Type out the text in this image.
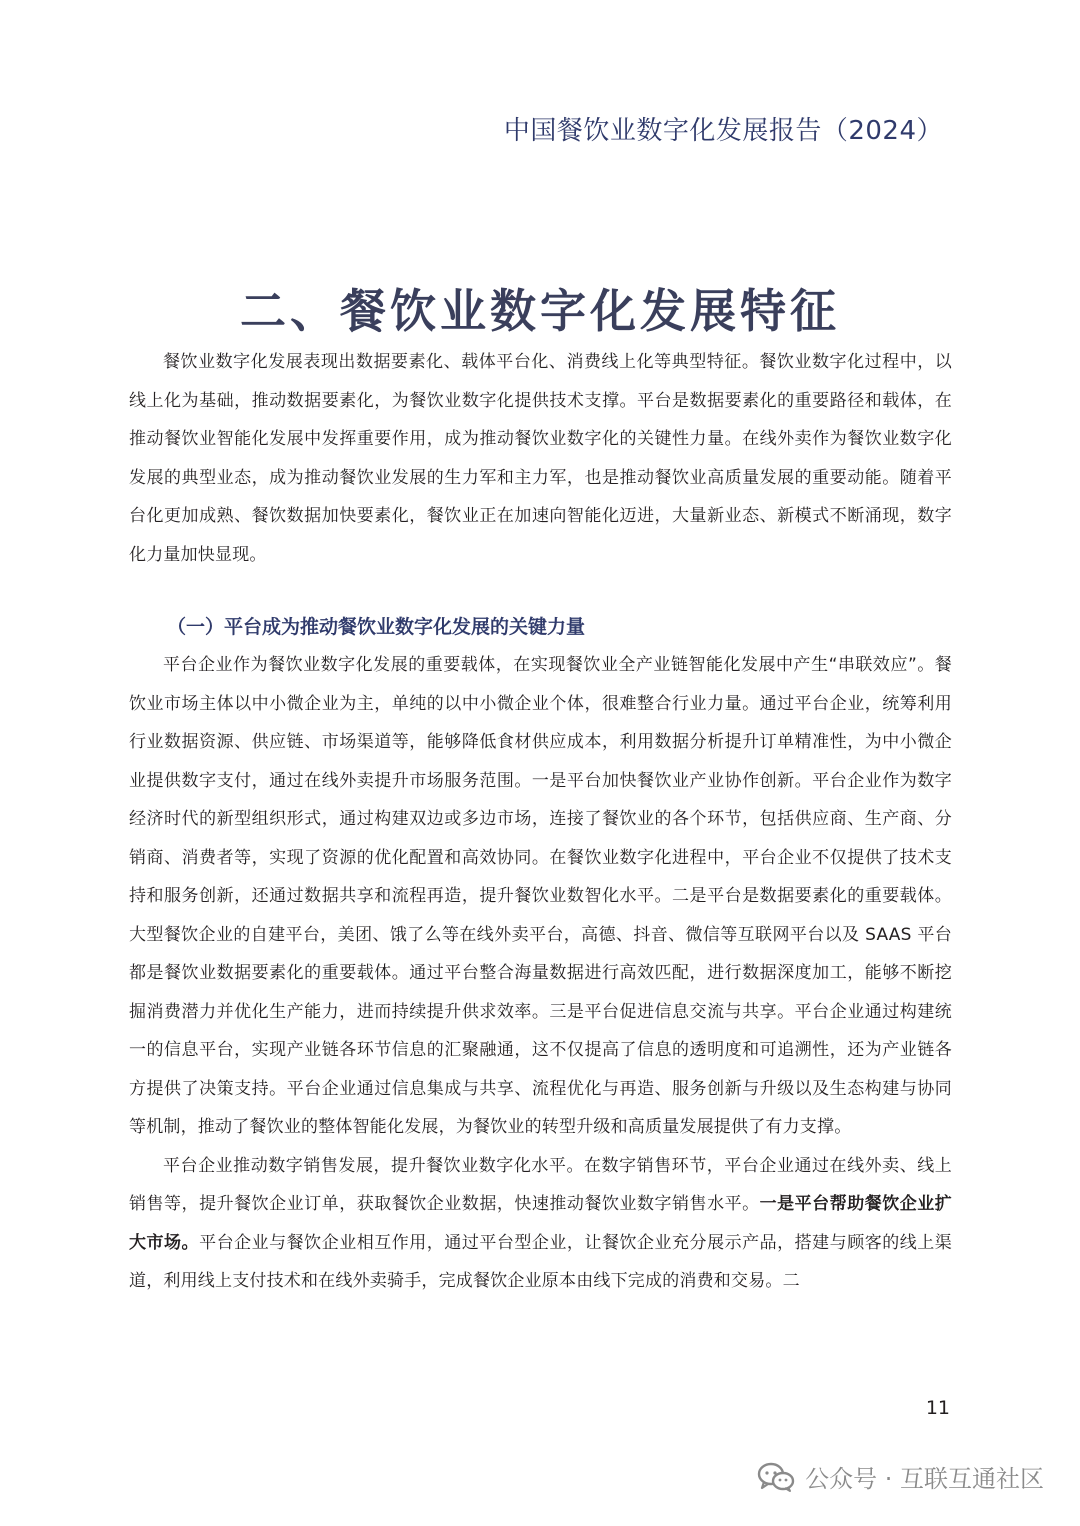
中国餐饮业数字化发展报告（2024）
二、餐饮业数字化发展特征

餐饮业数字化发展表现出数据要素化、载体平台化、消费线上化等典型特征。餐饮业数字化过程中，以线上化为基础，推动数据要素化，为餐饮业数字化提供技术支撑。平台是数据要素化的重要路径和载体，在推动餐饮业智能化发展中发挥重要作用，成为推动餐饮业数字化的关键性力量。在线外卖作为餐饮业数字化发展的典型业态，成为推动餐饮业发展的生力军和主力军，也是推动餐饮业高质量发展的重要动能。随着平台化更加成熟、餐饮数据加快要素化，餐饮业正在加速向智能化迈进，大量新业态、新模式不断涌现，数字化力量加快显现。

（一）平台成为推动餐饮业数字化发展的关键力量

平台企业作为餐饮业数字化发展的重要载体，在实现餐饮业全产业链智能化发展中产生“串联效应”。餐饮业市场主体以中小微企业为主，单纯的以中小微企业个体，很难整合行业力量。通过平台企业，统筹利用行业数据资源、供应链、市场渠道等，能够降低食材供应成本，利用数据分析提升订单精准性，为中小微企业提供数字支付，通过在线外卖提升市场服务范围。一是平台加快餐饮业产业协作创新。平台企业作为数字经济时代的新型组织形式，通过构建双边或多边市场，连接了餐饮业的各个环节，包括供应商、生产商、分销商、消费者等，实现了资源的优化配置和高效协同。在餐饮业数字化进程中，平台企业不仅提供了技术支持和服务创新，还通过数据共享和流程再造，提升餐饮业数智化水平。二是平台是数据要素化的重要载体。大型餐饮企业的自建平台，美团、饿了么等在线外卖平台，高德、抖音、微信等互联网平台以及 SAAS 平台都是餐饮业数据要素化的重要载体。通过平台整合海量数据进行高效匹配，进行数据深度加工，能够不断挖掘消费潜力并优化生产能力，进而持续提升供求效率。三是平台促进信息交流与共享。平台企业通过构建统一的信息平台，实现产业链各环节信息的汇聚融通，这不仅提高了信息的透明度和可追溯性，还为产业链各方提供了决策支持。平台企业通过信息集成与共享、流程优化与再造、服务创新与升级以及生态构建与协同等机制，推动了餐饮业的整体智能化发展，为餐饮业的转型升级和高质量发展提供了有力支撑。

平台企业推动数字销售发展，提升餐饮业数字化水平。在数字销售环节，平台企业通过在线外卖、线上销售等，提升餐饮企业订单，获取餐饮企业数据，快速推动餐饮业数字销售水平。一是平台帮助餐饮企业扩大市场。平台企业与餐饮企业相互作用，通过平台型企业，让餐饮企业充分展示产品，搭建与顾客的线上渠道，利用线上支付技术和在线外卖骑手，完成餐饮企业原本由线下完成的消费和交易。二

11
公众号 · 互联互通社区
